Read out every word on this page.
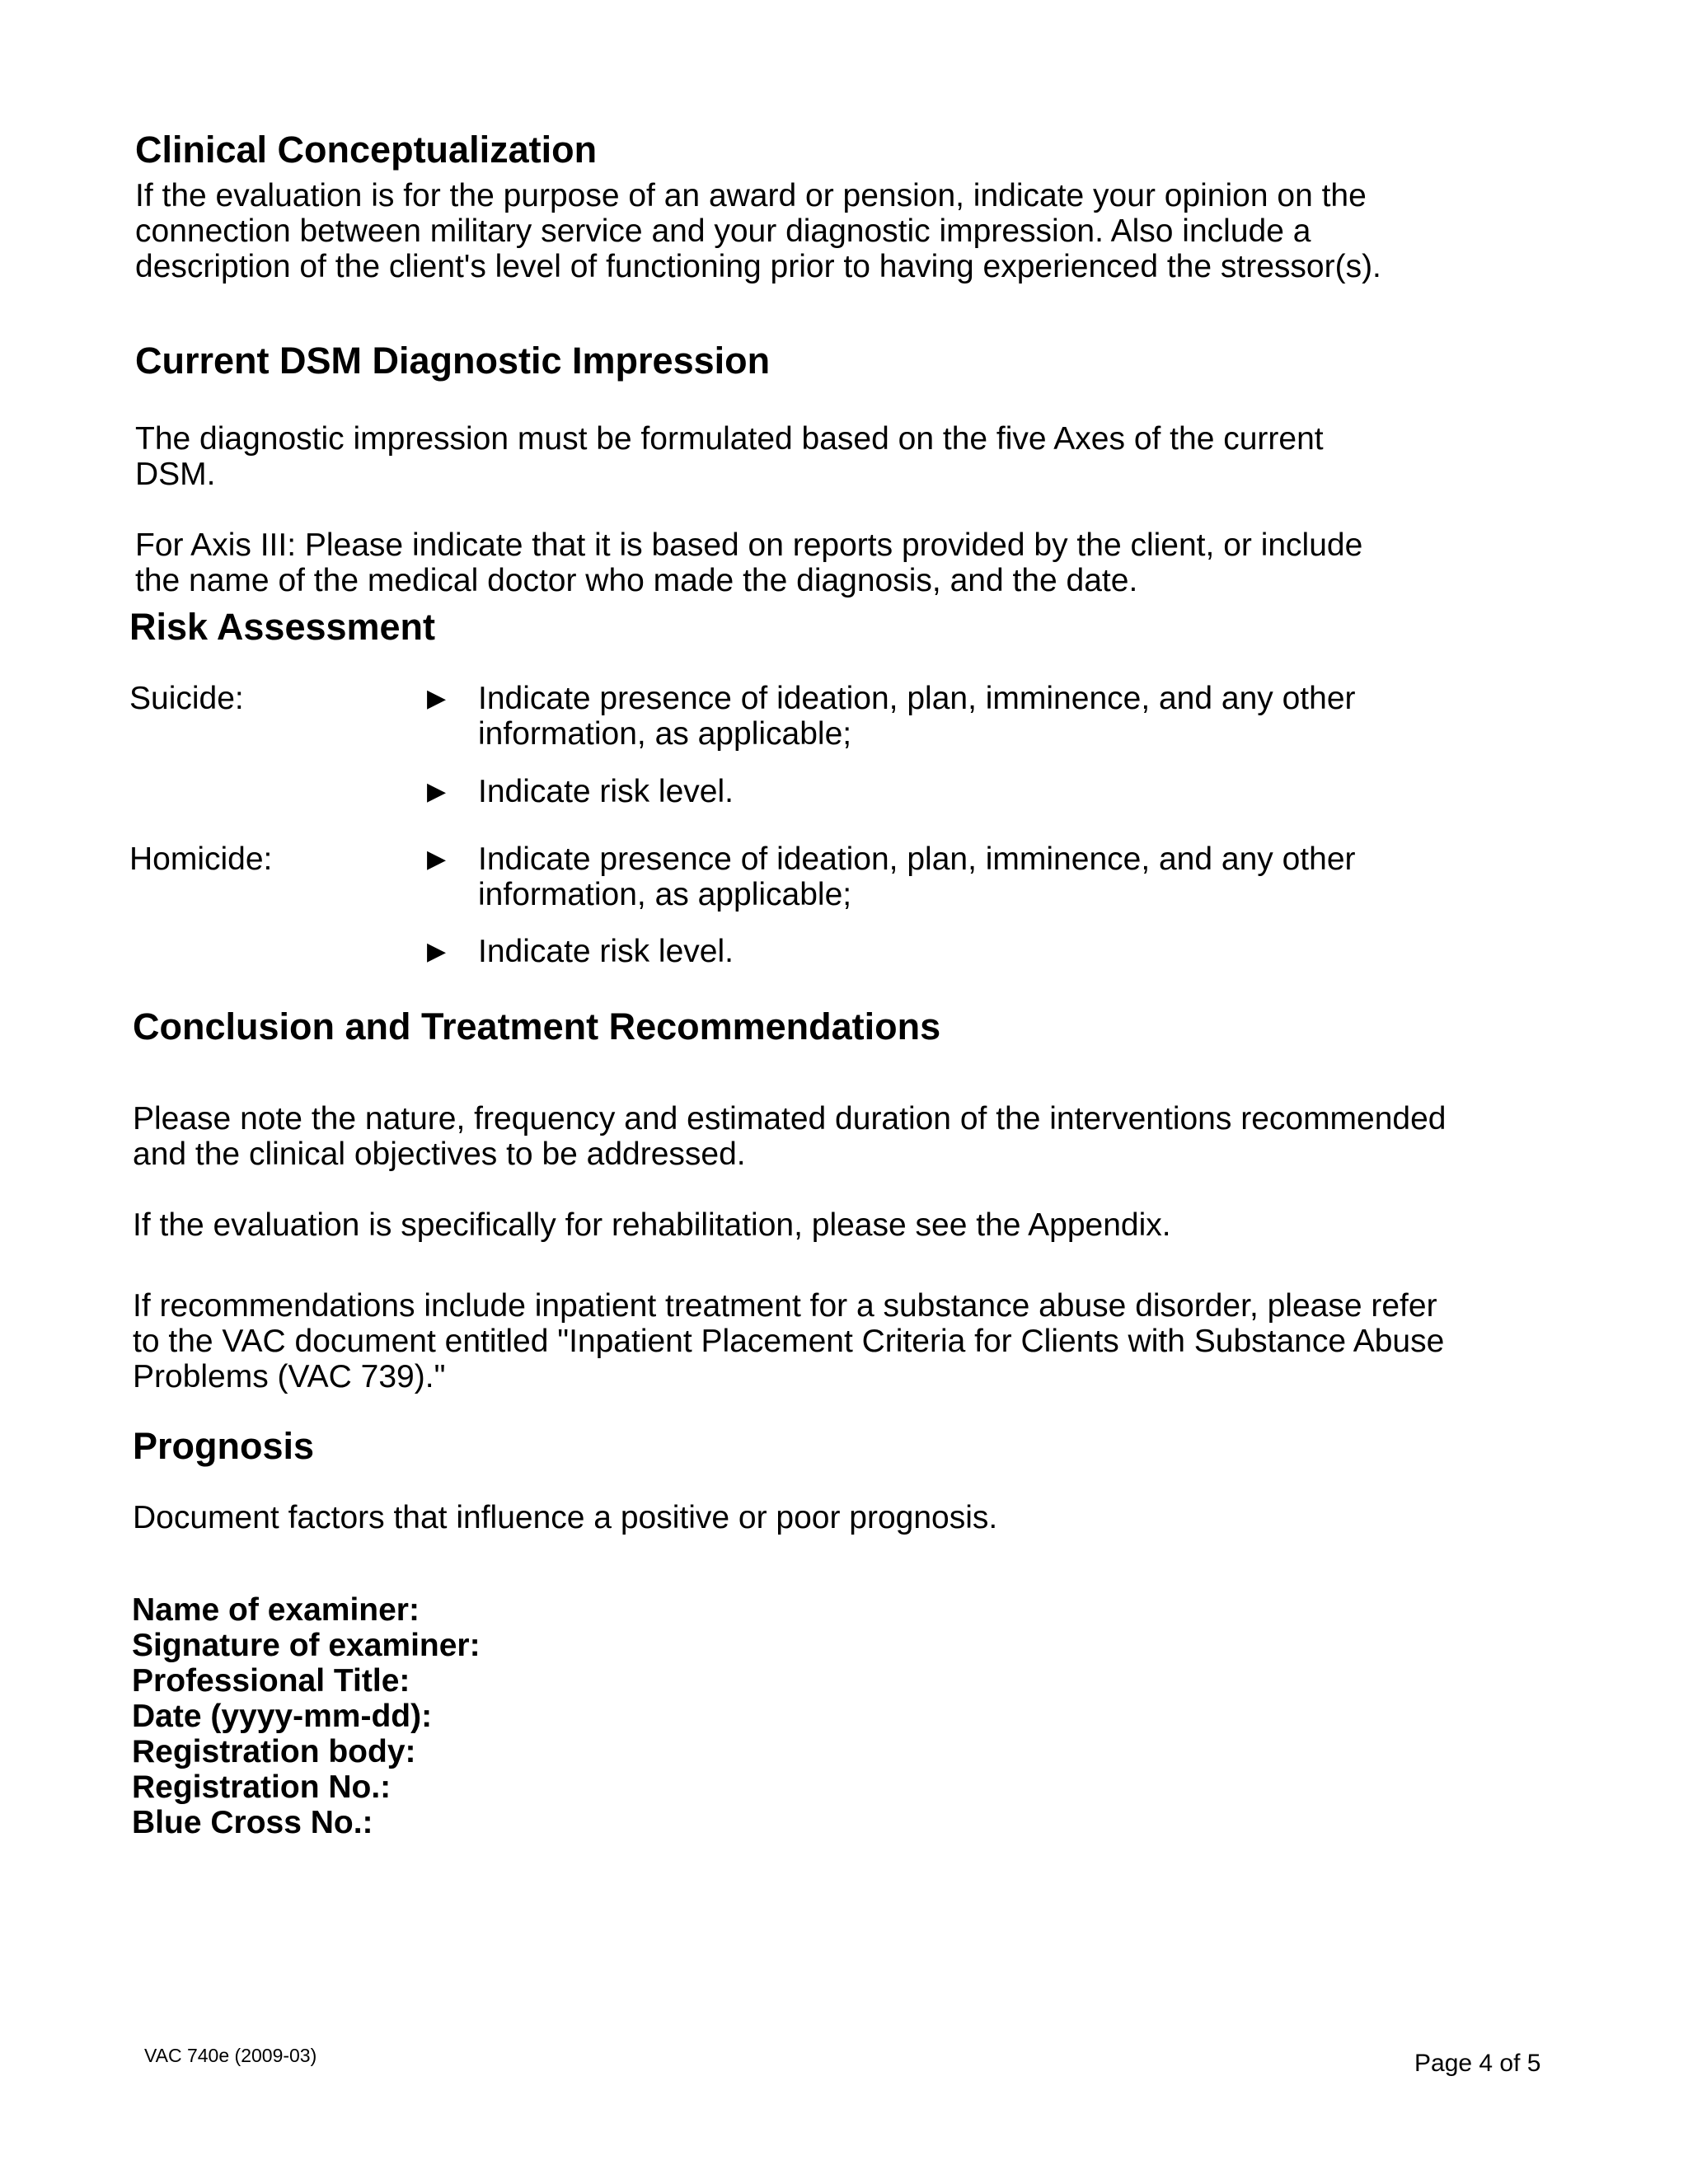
Clinical Conceptualization

If the evaluation is for the purpose of an award or pension, indicate your opinion on the
connection between military service and your diagnostic impression. Also include a
description of the client's level of functioning prior to having experienced the stressor(s).

Current DSM Diagnostic Impression

The diagnostic impression must be formulated based on the five Axes of the current
DSM.

For Axis III: Please indicate that it is based on reports provided by the client, or include
the name of the medical doctor who made the diagnosis, and the date.

Risk Assessment
Suicide:	▶ Indicate presence of ideation, plan, imminence, and any other
information, as applicable;

▶ Indicate risk level.

Homicide:	▶ Indicate presence of ideation, plan, imminence, and any other
information, as applicable;

▶ Indicate risk level.

Conclusion and Treatment Recommendations

Please note the nature, frequency and estimated duration of the interventions recommended
and the clinical objectives to be addressed.

If the evaluation is specifically for rehabilitation, please see the Appendix.

If recommendations include inpatient treatment for a substance abuse disorder, please refer
to the VAC document entitled "Inpatient Placement Criteria for Clients with Substance Abuse
Problems (VAC 739)."

Prognosis

Document factors that influence a positive or poor prognosis.

Name of examiner:
Signature of examiner:
Professional Title:
Date (yyyy-mm-dd):
Registration body:
Registration No.:
Blue Cross No.:
VAC 740e (2009-03)	Page 4 of 5
